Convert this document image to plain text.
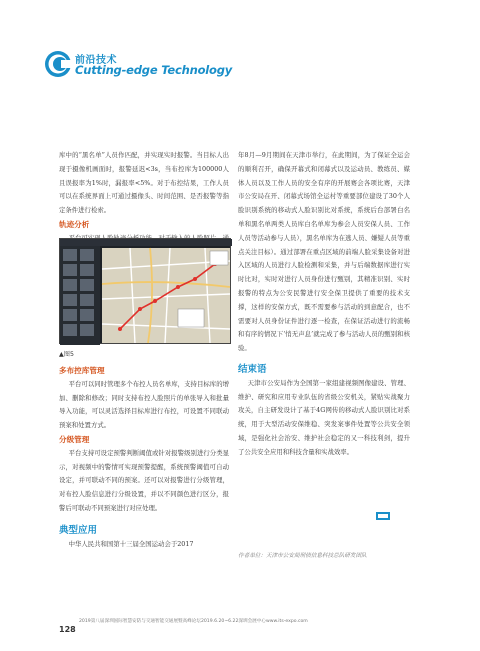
前沿技术
Cutting-edge Technology

库中的“黑名单”人员作匹配，并实现实时报警。当目标人出现于摄像机画面时，报警延迟<3s，当布控库为100000人且误报率为1%时，漏报率<5%。对于布控结果，工作人员可以在系统界面上可通过摄像头、时间范围、是否报警等指定条件进行检索。

轨迹分析

▲图5
多布控库管理

平台可以同时管理多个布控人员名单库，支持目标库的增加、删除和修改；同时支持布控人脸照片的单张导入和批量导入功能，可以灵活选择目标库进行布控，可设置不同联动预案和处置方式。

分级管理

平台支持可设定预警判断阈值或针对报警级别进行分类显示，对视频中的警情可实现预警提醒，系统预警阈值可自动设定，并可联动不同的预案。还可以对报警进行分级管理，对布控人脸信息进行分级设置，并以不同颜色进行区分，报警后可联动不同预案进行对应处理。

典型应用

中华人民共和国第十三届全国运动会于2017

年8月—9月期间在天津市举行，在此期间，为了保证全运会的顺利召开，确保开幕式和闭幕式以及运动员、教练员、媒体人员以及工作人员的安全有序的开展赛会各项比赛，天津市公安局在开、闭幕式场馆全运村等重要部位建设了30个人脸识别系统的移动式人脸识别比对系统，系统后台部署白名单和黑名单两类人员库白名单库为参会人员安保人员、工作人员等活动参与人员），黑名单库为在逃人员、嫌疑人员等重点关注目标）。通过部署在重点区域的前端人脸采集设备对进入区域的人员进行人脸检测和采集，并与后端数据库进行实时比对，实时对进行人员身份进行甄别，其精准识别、实时报警的特点为公安民警进行安全保卫提供了重要的技术支撑，这样的安保方式，既不需要参与活动的到意配合，也不需要对人员身份证件进行逐一检查，在保证活动进行的流畅和有序的情况下‘悄无声息’就完成了参与活动人员的甄别和核验。

结束语

天津市公安局作为全国第一家组建视频图像建设、管理、维护、研究和应用专业队伍的省级公安机关，紧贴实战聚力攻关，自主研发设计了基于4G网传的移动式人脸识别比对系统，用于大型活动安保维稳、突发案事件处置等公共安全领域，是强化社会治安、维护社会稳定的又一科技利剑，提升了公共安全应用和科技含量和实战效率。

作者单位：天津市公安局刑侦信息科技总队研发团队
128
2019第八届深圳国际智慧安防与交通智能交通展暨高峰论坛2019.6.20~6.22深圳会展中心www.its-expo.com
